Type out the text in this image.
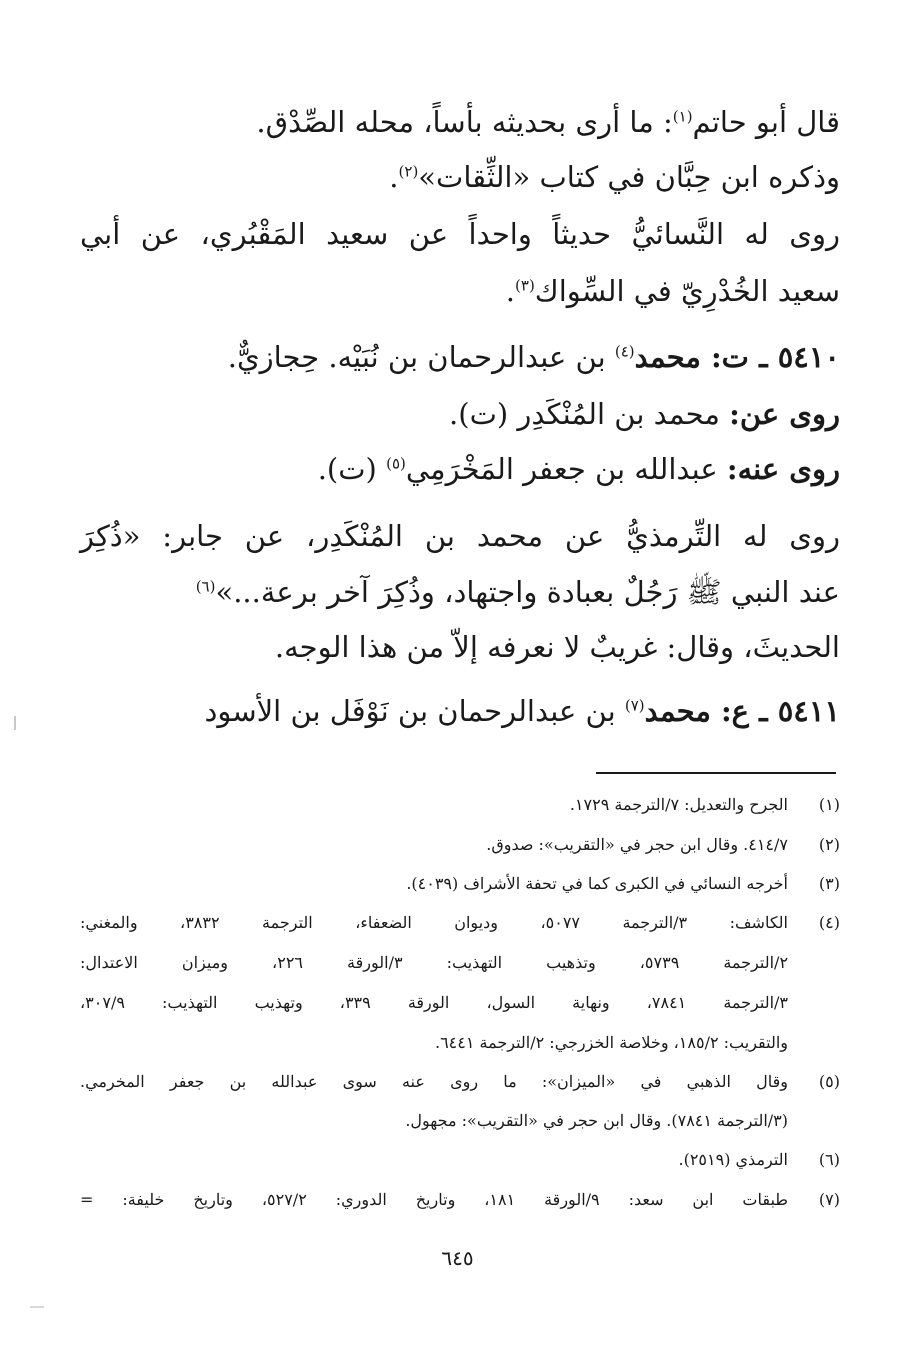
قال أبو حاتم$^{(١)}$: ما أرى بحديثه بأساً، محله الصِّدْق.
وذكره ابن حِبَّان في كتاب «الثِّقات»$^{(٢)}$.
روى له النَّسائيُّ حديثاً واحداً عن سعيد المَقْبُري، عن أبي
سعيد الخُدْرِيّ في السِّواك$^{(٣)}$.
٥٤١٠ ـ ت: محمد$^{(٤)}$ بن عبدالرحمان بن نُبَيْه. حِجازيٌّ.
روى عن: محمد بن المُنْكَدِر (ت).
روى عنه: عبدالله بن جعفر المَخْرَمِي$^{(٥)}$ (ت).
روى له التِّرمذيُّ عن محمد بن المُنْكَدِر، عن جابر: «ذُكِرَ
عند النبي ﷺ رَجُلٌ بعبادة واجتهاد، وذُكِرَ آخر برعة...»$^{(٦)}$
الحديثَ، وقال: غريبٌ لا نعرفه إلاّ من هذا الوجه.
٥٤١١ ـ ع: محمد$^{(٧)}$ بن عبدالرحمان بن نَوْفَل بن الأسود
(١)
الجرح والتعديل: ٧/الترجمة ١٧٢٩.
(٢)
٤١٤/٧. وقال ابن حجر في «التقريب»: صدوق.
(٣)
أخرجه النسائي في الكبرى كما في تحفة الأشراف (٤٠٣٩).
(٤)
الكاشف: ٣/الترجمة ٥٠٧٧، وديوان الضعفاء، الترجمة ٣٨٣٢، والمغني:
٢/الترجمة ٥٧٣٩، وتذهيب التهذيب: ٣/الورقة ٢٢٦، وميزان الاعتدال:
٣/الترجمة ٧٨٤١، ونهاية السول، الورقة ٣٣٩، وتهذيب التهذيب: ٣٠٧/٩،
والتقريب: ١٨٥/٢، وخلاصة الخزرجي: ٢/الترجمة ٦٤٤١.
(٥)
وقال الذهبي في «الميزان»: ما روى عنه سوى عبدالله بن جعفر المخرمي.
(٣/الترجمة ٧٨٤١). وقال ابن حجر في «التقريب»: مجهول.
(٦)
الترمذي (٢٥١٩).
(٧)
طبقات ابن سعد: ٩/الورقة ١٨١، وتاريخ الدوري: ٥٢٧/٢، وتاريخ خليفة: =
٦٤٥
